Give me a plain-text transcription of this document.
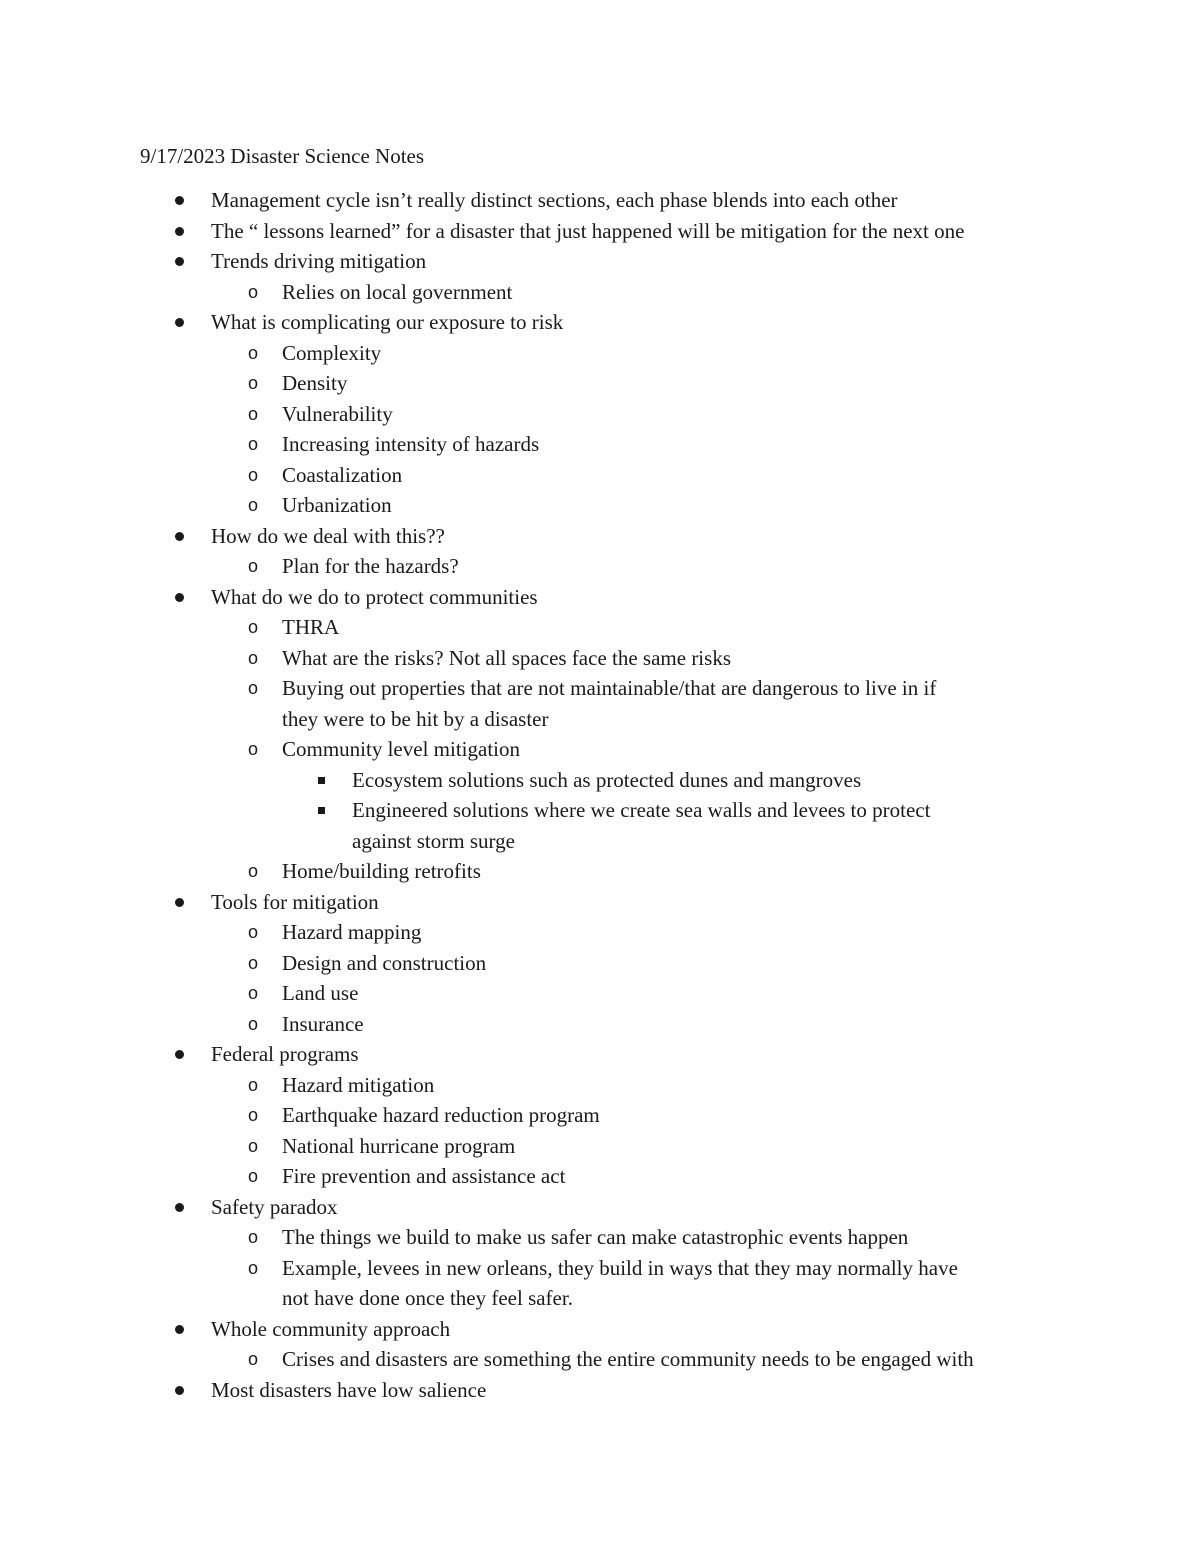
9/17/2023 Disaster Science Notes
Management cycle isn’t really distinct sections, each phase blends into each other
The “ lessons learned” for a disaster that just happened will be mitigation for the next one
Trends driving mitigation
o Relies on local government
What is complicating our exposure to risk
o Complexity
o Density
o Vulnerability
o Increasing intensity of hazards
o Coastalization
o Urbanization
How do we deal with this??
o Plan for the hazards?
What do we do to protect communities
o THRA
o What are the risks? Not all spaces face the same risks
o Buying out properties that are not maintainable/that are dangerous to live in if
they were to be hit by a disaster
o Community level mitigation
Ecosystem solutions such as protected dunes and mangroves
Engineered solutions where we create sea walls and levees to protect
against storm surge
o Home/building retrofits
Tools for mitigation
o Hazard mapping
o Design and construction
o Land use
o Insurance
Federal programs
o Hazard mitigation
o Earthquake hazard reduction program
o National hurricane program
o Fire prevention and assistance act
Safety paradox
o The things we build to make us safer can make catastrophic events happen
o Example, levees in new orleans, they build in ways that they may normally have
not have done once they feel safer.
Whole community approach
o Crises and disasters are something the entire community needs to be engaged with
Most disasters have low salience
